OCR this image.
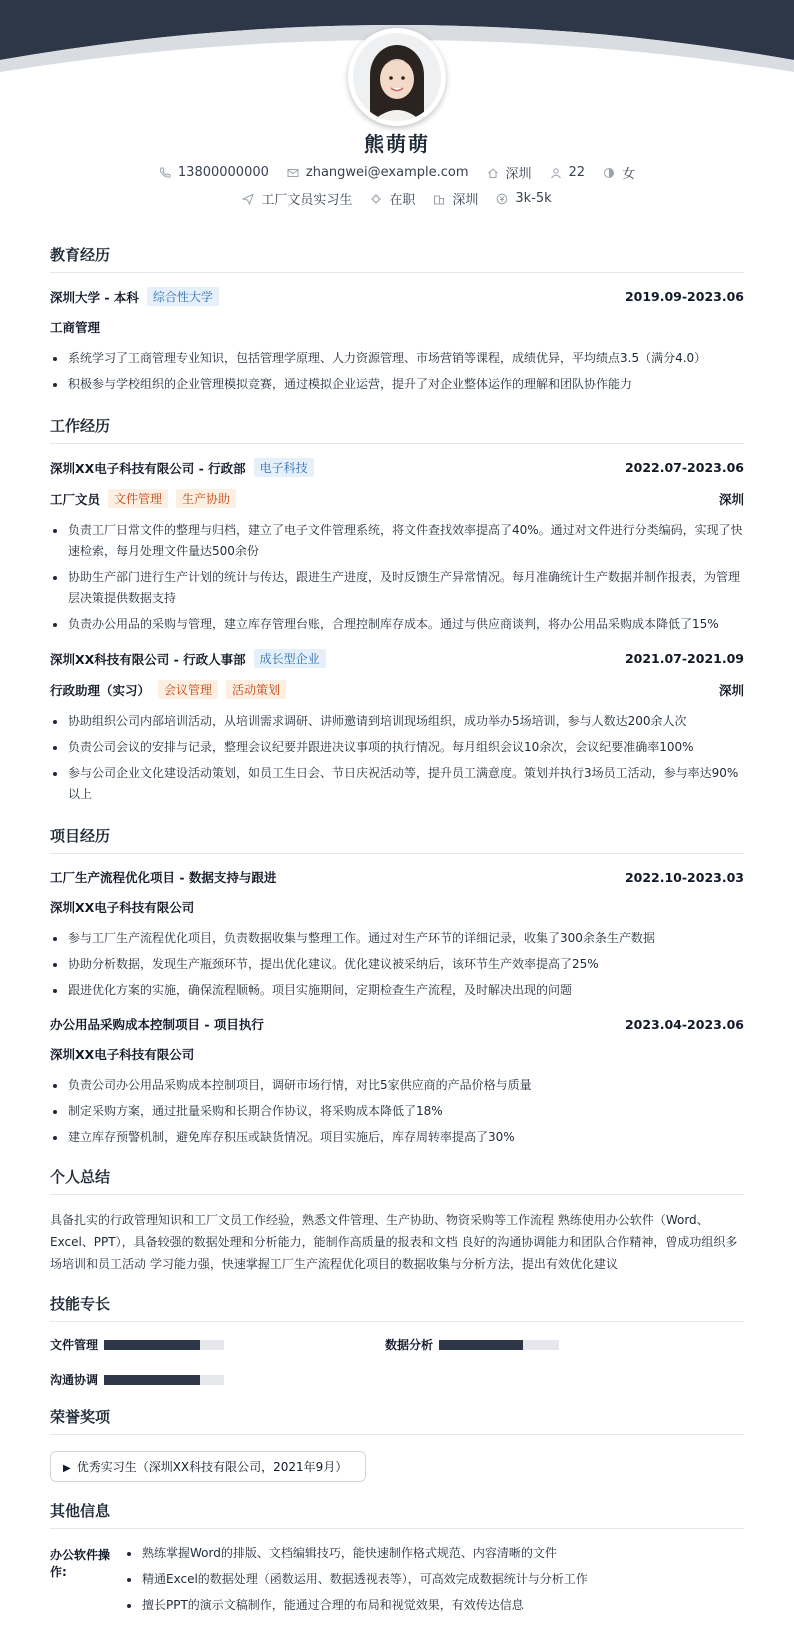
熊萌萌
13800000000	zhangwei@example.com	深圳	22	女
工厂文员实习生	在职	深圳	3k-5k
教育经历
深圳大学 - 本科	综合性大学	2019.09-2023.06
工商管理
系统学习了工商管理专业知识，包括管理学原理、人力资源管理、市场营销等课程，成绩优异，平均绩点3.5（满分4.0）
积极参与学校组织的企业管理模拟竞赛，通过模拟企业运营，提升了对企业整体运作的理解和团队协作能力
工作经历
深圳XX电子科技有限公司 - 行政部	电子科技	2022.07-2023.06
工厂文员	文件管理	生产协助	深圳
负责工厂日常文件的整理与归档，建立了电子文件管理系统，将文件查找效率提高了40%。通过对文件进行分类编码，实现了快速检索，每月处理文件量达500余份
协助生产部门进行生产计划的统计与传达，跟进生产进度，及时反馈生产异常情况。每月准确统计生产数据并制作报表，为管理层决策提供数据支持
负责办公用品的采购与管理，建立库存管理台账，合理控制库存成本。通过与供应商谈判，将办公用品采购成本降低了15%
深圳XX科技有限公司 - 行政人事部	成长型企业	2021.07-2021.09
行政助理（实习）	会议管理	活动策划	深圳
协助组织公司内部培训活动，从培训需求调研、讲师邀请到培训现场组织，成功举办5场培训，参与人数达200余人次
负责公司会议的安排与记录，整理会议纪要并跟进决议事项的执行情况。每月组织会议10余次，会议纪要准确率100%
参与公司企业文化建设活动策划，如员工生日会、节日庆祝活动等，提升员工满意度。策划并执行3场员工活动，参与率达90%以上
项目经历
工厂生产流程优化项目 - 数据支持与跟进	2022.10-2023.03
深圳XX电子科技有限公司
参与工厂生产流程优化项目，负责数据收集与整理工作。通过对生产环节的详细记录，收集了300余条生产数据
协助分析数据，发现生产瓶颈环节，提出优化建议。优化建议被采纳后，该环节生产效率提高了25%
跟进优化方案的实施，确保流程顺畅。项目实施期间，定期检查生产流程，及时解决出现的问题
办公用品采购成本控制项目 - 项目执行	2023.04-2023.06
深圳XX电子科技有限公司
负责公司办公用品采购成本控制项目，调研市场行情，对比5家供应商的产品价格与质量
制定采购方案，通过批量采购和长期合作协议，将采购成本降低了18%
建立库存预警机制，避免库存积压或缺货情况。项目实施后，库存周转率提高了30%
个人总结
具备扎实的行政管理知识和工厂文员工作经验，熟悉文件管理、生产协助、物资采购等工作流程 熟练使用办公软件（Word、Excel、PPT），具备较强的数据处理和分析能力，能制作高质量的报表和文档 良好的沟通协调能力和团队合作精神，曾成功组织多场培训和员工活动 学习能力强，快速掌握工厂生产流程优化项目的数据收集与分析方法，提出有效优化建议
技能专长
文件管理	数据分析
沟通协调
荣誉奖项
▶ 优秀实习生（深圳XX科技有限公司，2021年9月）
其他信息
办公软件操作:
熟练掌握Word的排版、文档编辑技巧，能快速制作格式规范、内容清晰的文件
精通Excel的数据处理（函数运用、数据透视表等），可高效完成数据统计与分析工作
擅长PPT的演示文稿制作，能通过合理的布局和视觉效果，有效传达信息
